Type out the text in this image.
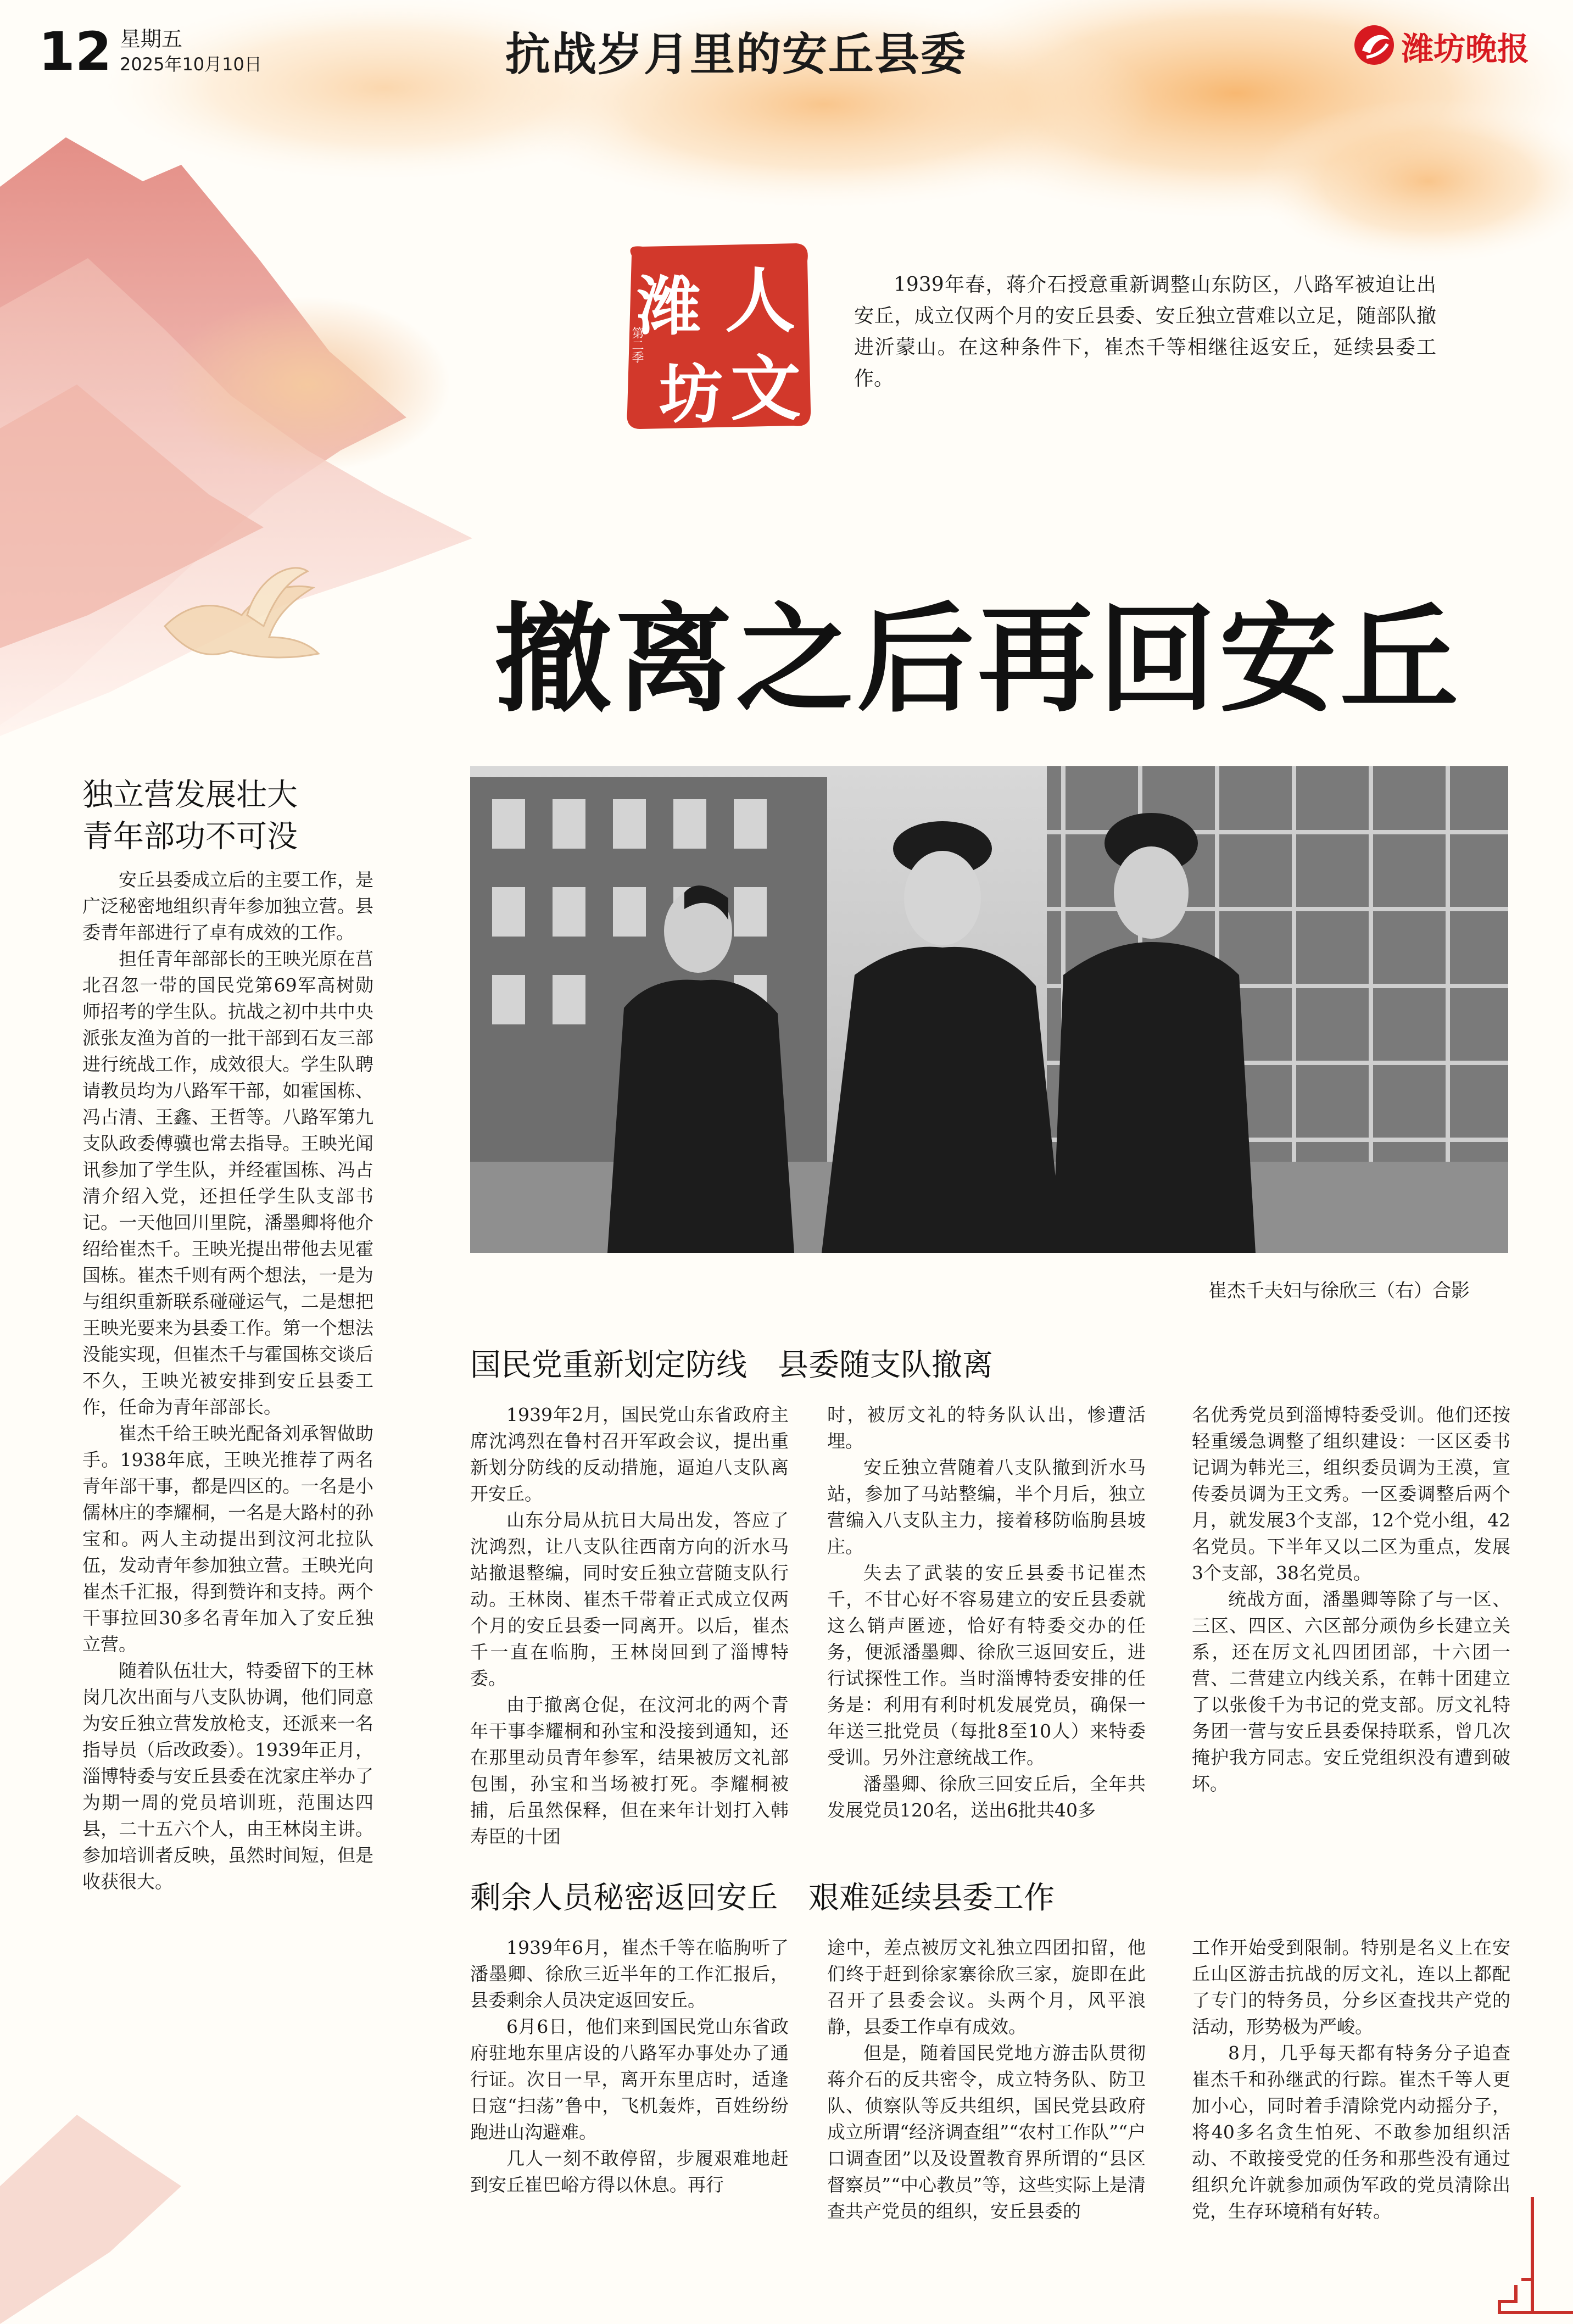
12 星期五
2025年10月10日	抗战岁月里的安丘县委	潍坊晚报
潍 人
坊 文
第二季
1939年春，蒋介石授意重新调整山东防区，八路军被迫让出安丘，成立仅两个月的安丘县委、安丘独立营难以立足，随部队撤进沂蒙山。在这种条件下，崔杰千等相继往返安丘，延续县委工作。
撤离之后再回安丘
崔杰千夫妇与徐欣三（右）合影
独立营发展壮大
青年部功不可没

安丘县委成立后的主要工作，是广泛秘密地组织青年参加独立营。县委青年部进行了卓有成效的工作。

担任青年部部长的王映光原在莒北召忽一带的国民党第69军高树勋师招考的学生队。抗战之初中共中央派张友渔为首的一批干部到石友三部进行统战工作，成效很大。学生队聘请教员均为八路军干部，如霍国栋、冯占清、王鑫、王哲等。八路军第九支队政委傅骥也常去指导。王映光闻讯参加了学生队，并经霍国栋、冯占清介绍入党，还担任学生队支部书记。一天他回川里院，潘墨卿将他介绍给崔杰千。王映光提出带他去见霍国栋。崔杰千则有两个想法，一是为与组织重新联系碰碰运气，二是想把王映光要来为县委工作。第一个想法没能实现，但崔杰千与霍国栋交谈后不久，王映光被安排到安丘县委工作，任命为青年部部长。

崔杰千给王映光配备刘承智做助手。1938年底，王映光推荐了两名青年部干事，都是四区的。一名是小儒林庄的李耀桐，一名是大路村的孙宝和。两人主动提出到汶河北拉队伍，发动青年参加独立营。王映光向崔杰千汇报，得到赞许和支持。两个干事拉回30多名青年加入了安丘独立营。

随着队伍壮大，特委留下的王林岗几次出面与八支队协调，他们同意为安丘独立营发放枪支，还派来一名指导员（后改政委）。1939年正月，淄博特委与安丘县委在沈家庄举办了为期一周的党员培训班，范围达四县，二十五六个人，由王林岗主讲。参加培训者反映，虽然时间短，但是收获很大。

国民党重新划定防线　县委随支队撤离

1939年2月，国民党山东省政府主席沈鸿烈在鲁村召开军政会议，提出重新划分防线的反动措施，逼迫八支队离开安丘。

山东分局从抗日大局出发，答应了沈鸿烈，让八支队往西南方向的沂水马站撤退整编，同时安丘独立营随支队行动。王林岗、崔杰千带着正式成立仅两个月的安丘县委一同离开。以后，崔杰千一直在临朐，王林岗回到了淄博特委。

由于撤离仓促，在汶河北的两个青年干事李耀桐和孙宝和没接到通知，还在那里动员青年参军，结果被厉文礼部包围，孙宝和当场被打死。李耀桐被捕，后虽然保释，但在来年计划打入韩寿臣的十团

时，被厉文礼的特务队认出，惨遭活埋。

安丘独立营随着八支队撤到沂水马站，参加了马站整编，半个月后，独立营编入八支队主力，接着移防临朐县坡庄。

失去了武装的安丘县委书记崔杰千，不甘心好不容易建立的安丘县委就这么销声匿迹，恰好有特委交办的任务，便派潘墨卿、徐欣三返回安丘，进行试探性工作。当时淄博特委安排的任务是：利用有利时机发展党员，确保一年送三批党员（每批8至10人）来特委受训。另外注意统战工作。

潘墨卿、徐欣三回安丘后，全年共发展党员120名，送出6批共40多

名优秀党员到淄博特委受训。他们还按轻重缓急调整了组织建设：一区区委书记调为韩光三，组织委员调为王漠，宣传委员调为王文秀。一区委调整后两个月，就发展3个支部，12个党小组，42名党员。下半年又以二区为重点，发展3个支部，38名党员。

统战方面，潘墨卿等除了与一区、三区、四区、六区部分顽伪乡长建立关系，还在厉文礼四团团部，十六团一营、二营建立内线关系，在韩十团建立了以张俊千为书记的党支部。厉文礼特务团一营与安丘县委保持联系，曾几次掩护我方同志。安丘党组织没有遭到破坏。

剩余人员秘密返回安丘　艰难延续县委工作

1939年6月，崔杰千等在临朐听了潘墨卿、徐欣三近半年的工作汇报后，县委剩余人员决定返回安丘。

6月6日，他们来到国民党山东省政府驻地东里店设的八路军办事处办了通行证。次日一早，离开东里店时，适逢日寇“扫荡”鲁中，飞机轰炸，百姓纷纷跑进山沟避难。

几人一刻不敢停留，步履艰难地赶到安丘崔巴峪方得以休息。再行

途中，差点被厉文礼独立四团扣留，他们终于赶到徐家寨徐欣三家，旋即在此召开了县委会议。头两个月，风平浪静，县委工作卓有成效。

但是，随着国民党地方游击队贯彻蒋介石的反共密令，成立特务队、防卫队、侦察队等反共组织，国民党县政府成立所谓“经济调查组”“农村工作队”“户口调查团”以及设置教育界所谓的“县区督察员”“中心教员”等，这些实际上是清查共产党员的组织，安丘县委的

工作开始受到限制。特别是名义上在安丘山区游击抗战的厉文礼，连以上都配了专门的特务员，分乡区查找共产党的活动，形势极为严峻。

8月，几乎每天都有特务分子追查崔杰千和孙继武的行踪。崔杰千等人更加小心，同时着手清除党内动摇分子，将40多名贪生怕死、不敢参加组织活动、不敢接受党的任务和那些没有通过组织允许就参加顽伪军政的党员清除出党，生存环境稍有好转。
